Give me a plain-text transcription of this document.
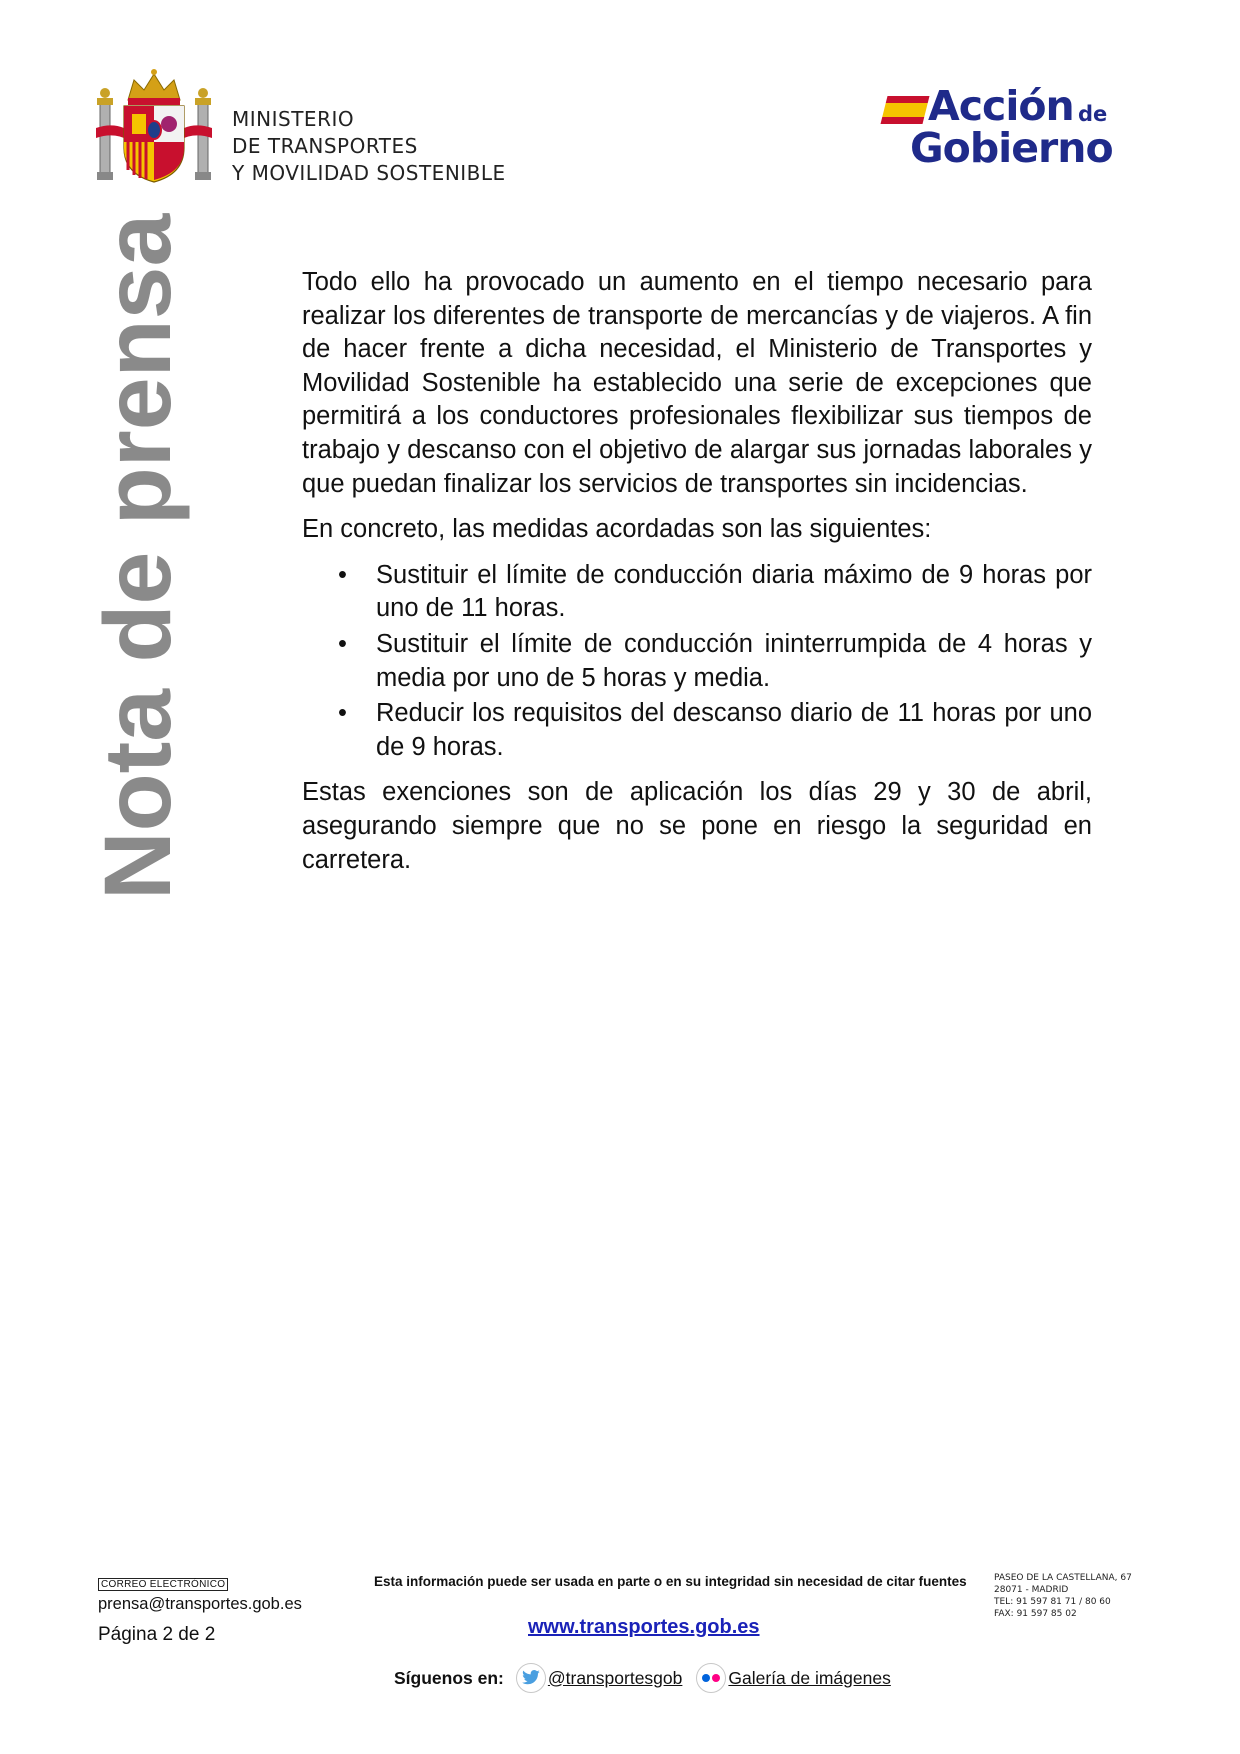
MINISTERIO
DE TRANSPORTES
Y MOVILIDAD SOSTENIBLE
Acción de
Gobierno
Nota de prensa	Todo ello ha provocado un aumento en el tiempo necesario para realizar los diferentes de transporte de mercancías y de viajeros. A fin de hacer frente a dicha necesidad, el Ministerio de Transportes y Movilidad Sostenible ha establecido una serie de excepciones que permitirá a los conductores profesionales flexibilizar sus tiempos de trabajo y descanso con el objetivo de alargar sus jornadas laborales y que puedan finalizar los servicios de transportes sin incidencias.

En concreto, las medidas acordadas son las siguientes:

• Sustituir el límite de conducción diaria máximo de 9 horas por uno de 11 horas.
• Sustituir el límite de conducción ininterrumpida de 4 horas y media por uno de 5 horas y media.
• Reducir los requisitos del descanso diario de 11 horas por uno de 9 horas.

Estas exenciones son de aplicación los días 29 y 30 de abril, asegurando siempre que no se pone en riesgo la seguridad en carretera.

CORREO ELECTRÓNICO
prensa@transportes.gob.es
Página 2 de 2
Esta información puede ser usada en parte o en su integridad sin necesidad de citar fuentes
www.transportes.gob.es
PASEO DE LA CASTELLANA, 67
28071 - MADRID
TEL: 91 597 81 71 / 80 60
FAX: 91 597 85 02
Síguenos en:	@transportesgob	Galería de imágenes
